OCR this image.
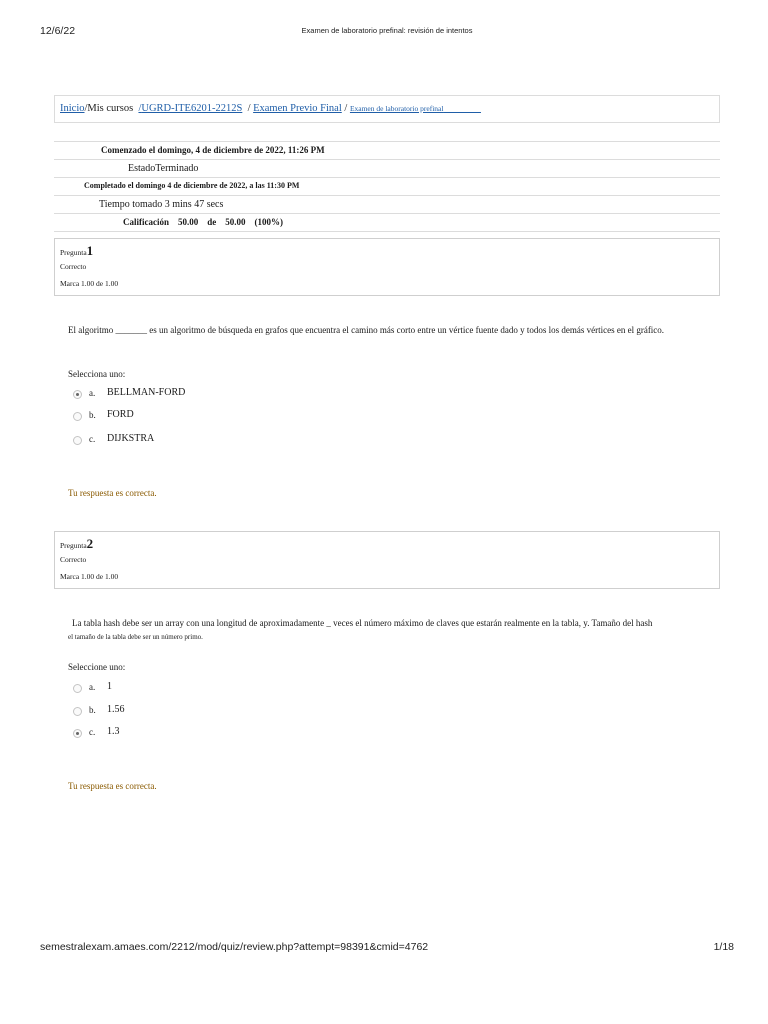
12/6/22	Examen de laboratorio prefinal: revisión de intentos
Inicio/Mis cursos /UGRD-ITE6201-2212S / Examen Previo Final / Examen de laboratorio prefinal
Comenzado el domingo, 4 de diciembre de 2022, 11:26 PM
EstadoTerminado
Completado el domingo 4 de diciembre de 2022, a las 11:30 PM
Tiempo tomado 3 mins 47 secs
Calificación    50.00    de    50.00    (100%)
Pregunta1
Correcto
Marca 1.00 de 1.00
El algoritmo _______ es un algoritmo de búsqueda en grafos que encuentra el camino más corto entre un vértice fuente dado y todos los demás vértices en el gráfico.
Selecciona uno:
a. BELLMAN-FORD
b. FORD
c. DIJKSTRA
Tu respuesta es correcta.
Pregunta2
Correcto
Marca 1.00 de 1.00
La tabla hash debe ser un array con una longitud de aproximadamente _ veces el número máximo de claves que estarán realmente en la tabla, y. Tamaño del hash
el tamaño de la tabla debe ser un número primo.
Seleccione uno:
a. 1
b. 1.56
c. 1.3
Tu respuesta es correcta.
semestralexam.amaes.com/2212/mod/quiz/review.php?attempt=98391&cmid=4762	1/18
